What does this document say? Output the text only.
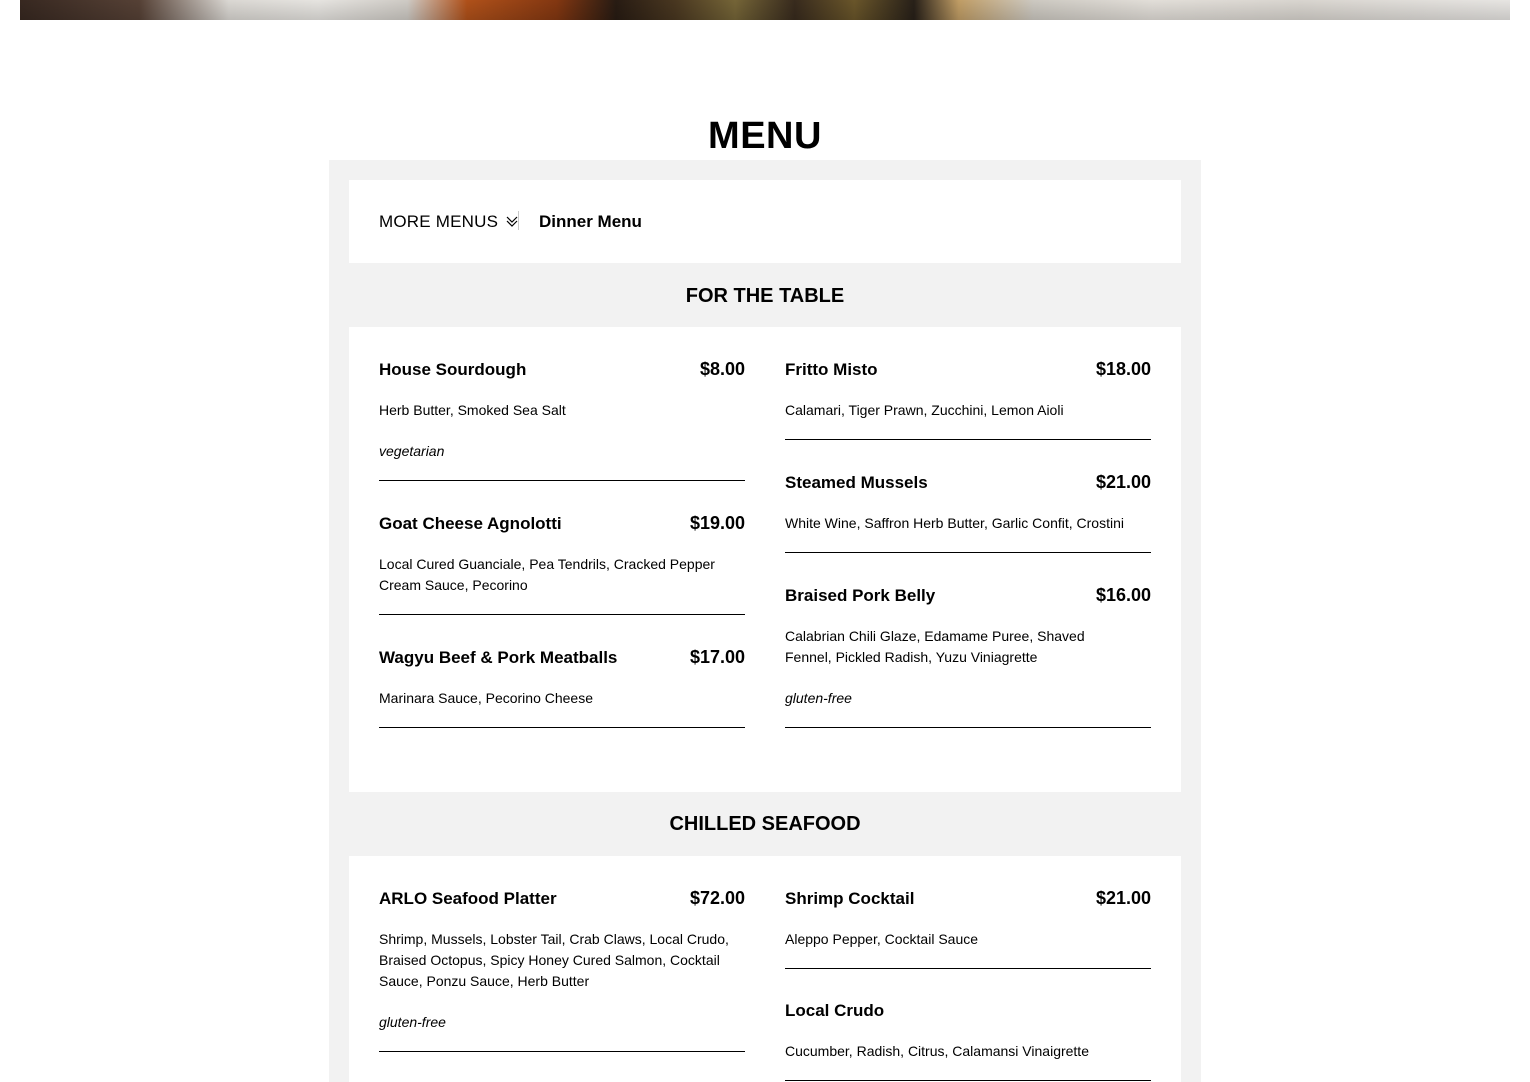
MENU
MORE MENUS Dinner Menu
FOR THE TABLE
House Sourdough	$8.00
Herb Butter, Smoked Sea Salt
vegetarian
Goat Cheese Agnolotti	$19.00
Local Cured Guanciale, Pea Tendrils, Cracked Pepper Cream Sauce, Pecorino
Wagyu Beef & Pork Meatballs	$17.00
Marinara Sauce, Pecorino Cheese
Fritto Misto	$18.00
Calamari, Tiger Prawn, Zucchini, Lemon Aioli
Steamed Mussels	$21.00
White Wine, Saffron Herb Butter, Garlic Confit, Crostini
Braised Pork Belly	$16.00
Calabrian Chili Glaze, Edamame Puree, Shaved Fennel, Pickled Radish, Yuzu Viniagrette
gluten-free
CHILLED SEAFOOD
ARLO Seafood Platter	$72.00
Shrimp, Mussels, Lobster Tail, Crab Claws, Local Crudo, Braised Octopus, Spicy Honey Cured Salmon, Cocktail Sauce, Ponzu Sauce, Herb Butter
gluten-free
Shrimp Cocktail	$21.00
Aleppo Pepper, Cocktail Sauce
Local Crudo
Cucumber, Radish, Citrus, Calamansi Vinaigrette
